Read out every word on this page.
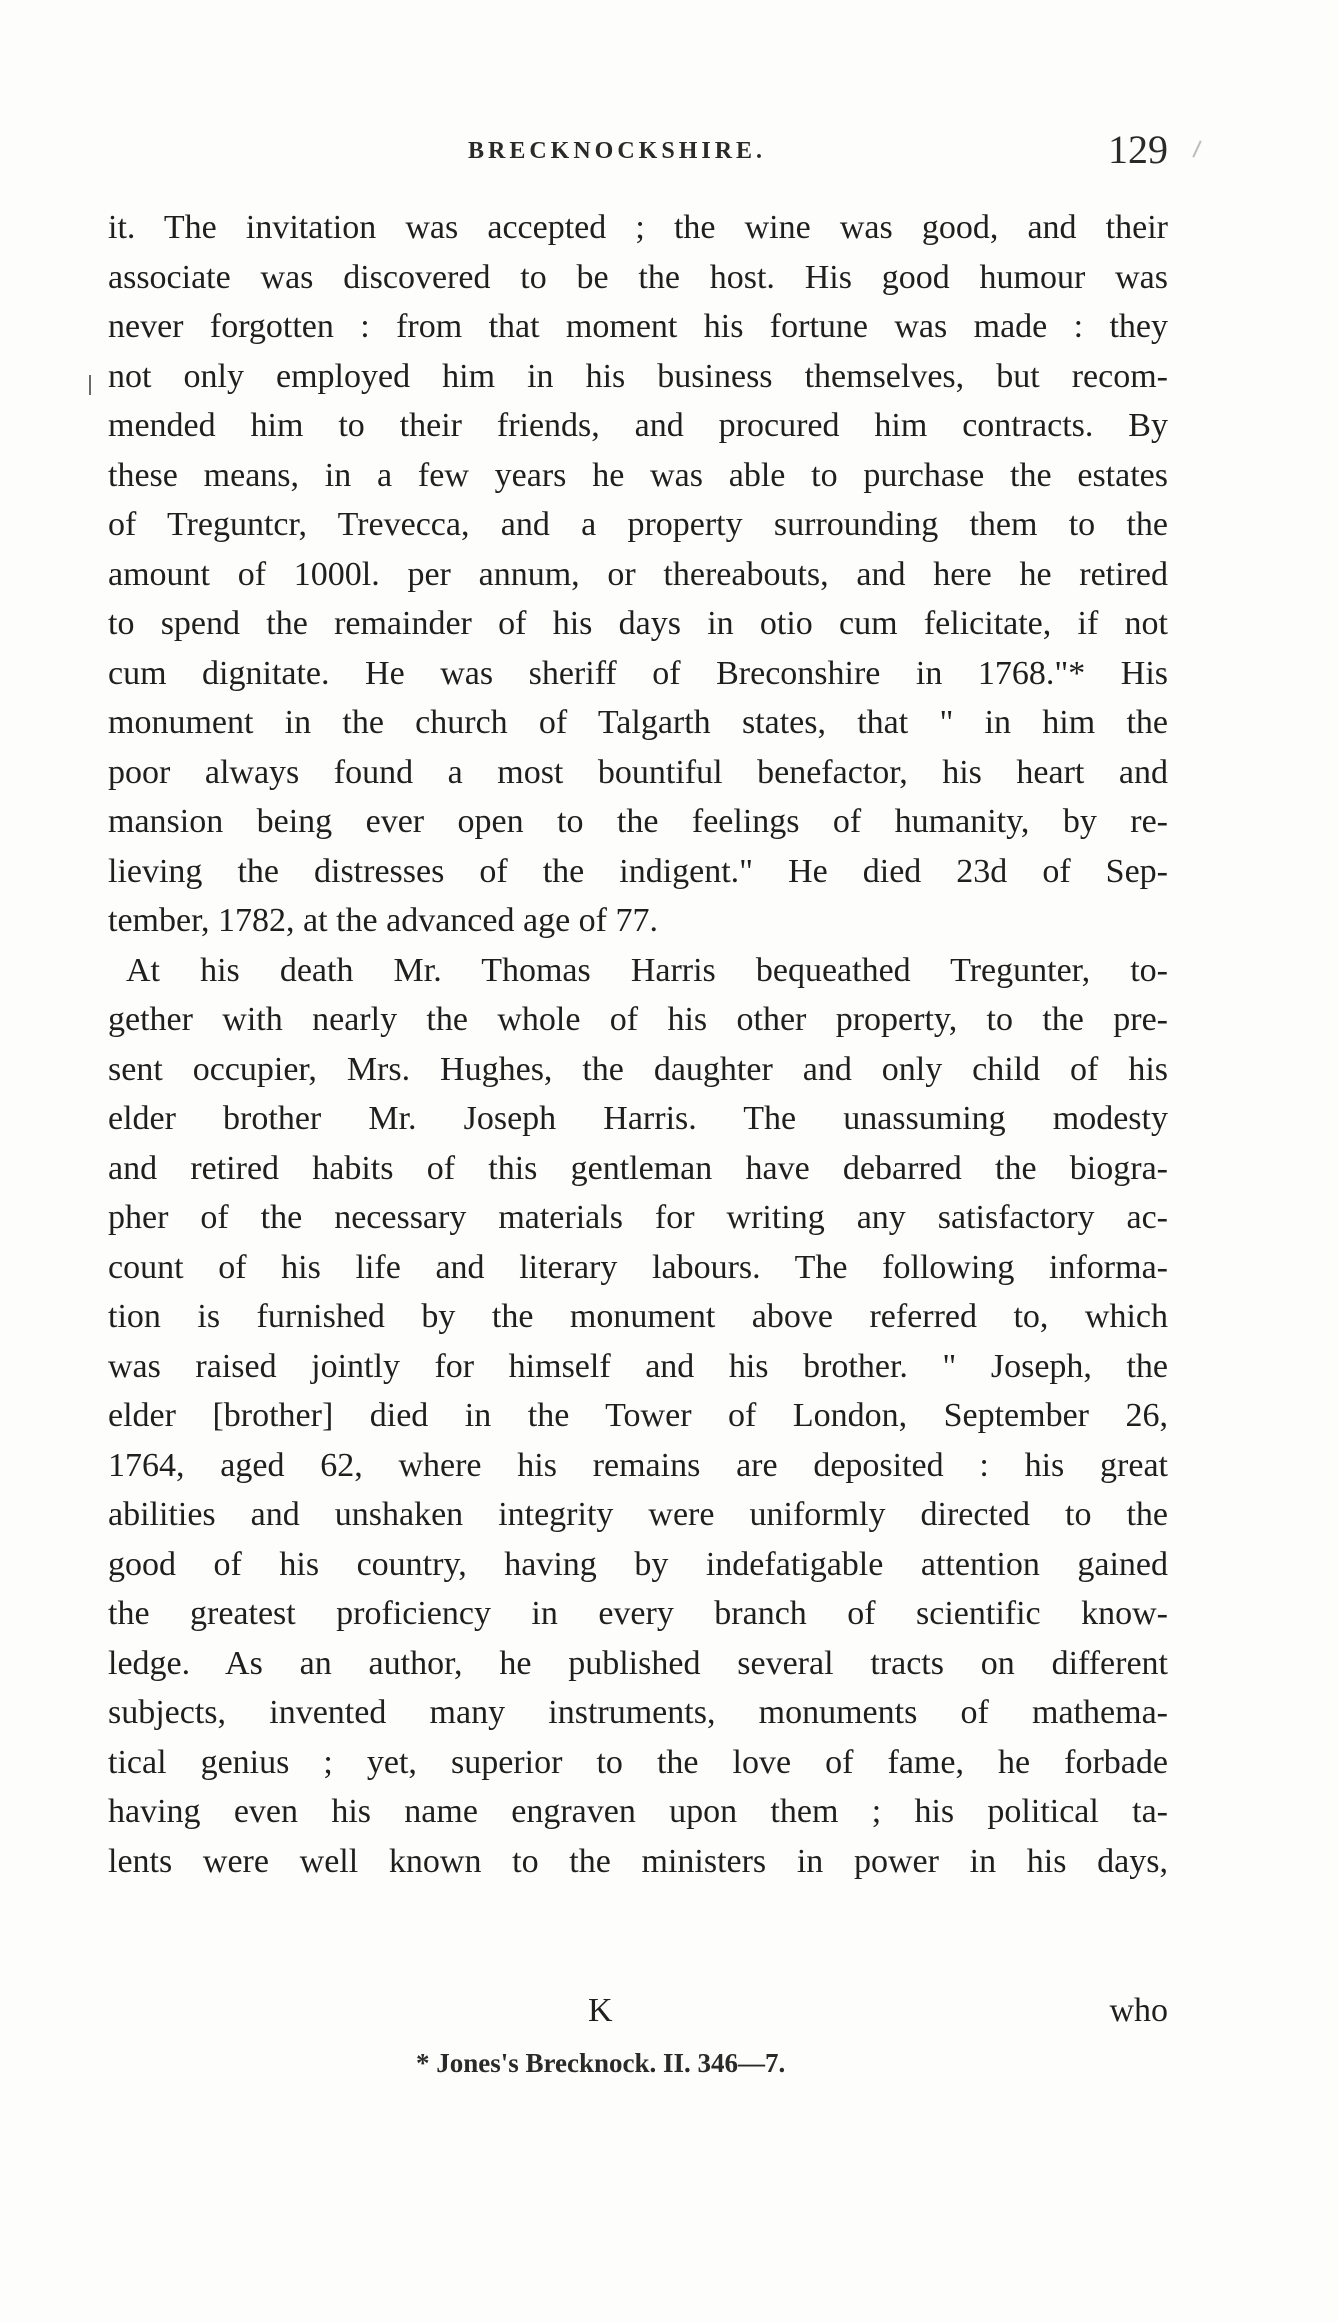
BRECKNOCKSHIRE.	129
it. The invitation was accepted ; the wine was good, and their
associate was discovered to be the host. His good humour was
never forgotten : from that moment his fortune was made : they
not only employed him in his business themselves, but recom-
mended him to their friends, and procured him contracts. By
these means, in a few years he was able to purchase the estates
of Treguntcr, Trevecca, and a property surrounding them to the
amount of 1000l. per annum, or thereabouts, and here he retired
to spend the remainder of his days in otio cum felicitate, if not
cum dignitate. He was sheriff of Breconshire in 1768."* His
monument in the church of Talgarth states, that " in him the
poor always found a most bountiful benefactor, his heart and
mansion being ever open to the feelings of humanity, by re-
lieving the distresses of the indigent." He died 23d of Sep-
tember, 1782, at the advanced age of 77.
At his death Mr. Thomas Harris bequeathed Tregunter, to-
gether with nearly the whole of his other property, to the pre-
sent occupier, Mrs. Hughes, the daughter and only child of his
elder brother Mr. Joseph Harris. The unassuming modesty
and retired habits of this gentleman have debarred the biogra-
pher of the necessary materials for writing any satisfactory ac-
count of his life and literary labours. The following informa-
tion is furnished by the monument above referred to, which
was raised jointly for himself and his brother. " Joseph, the
elder [brother] died in the Tower of London, September 26,
1764, aged 62, where his remains are deposited : his great
abilities and unshaken integrity were uniformly directed to the
good of his country, having by indefatigable attention gained
the greatest proficiency in every branch of scientific know-
ledge. As an author, he published several tracts on different
subjects, invented many instruments, monuments of mathema-
tical genius ; yet, superior to the love of fame, he forbade
having even his name engraven upon them ; his political ta-
lents were well known to the ministers in power in his days,
K	who
* Jones's Brecknock. II. 346—7.
